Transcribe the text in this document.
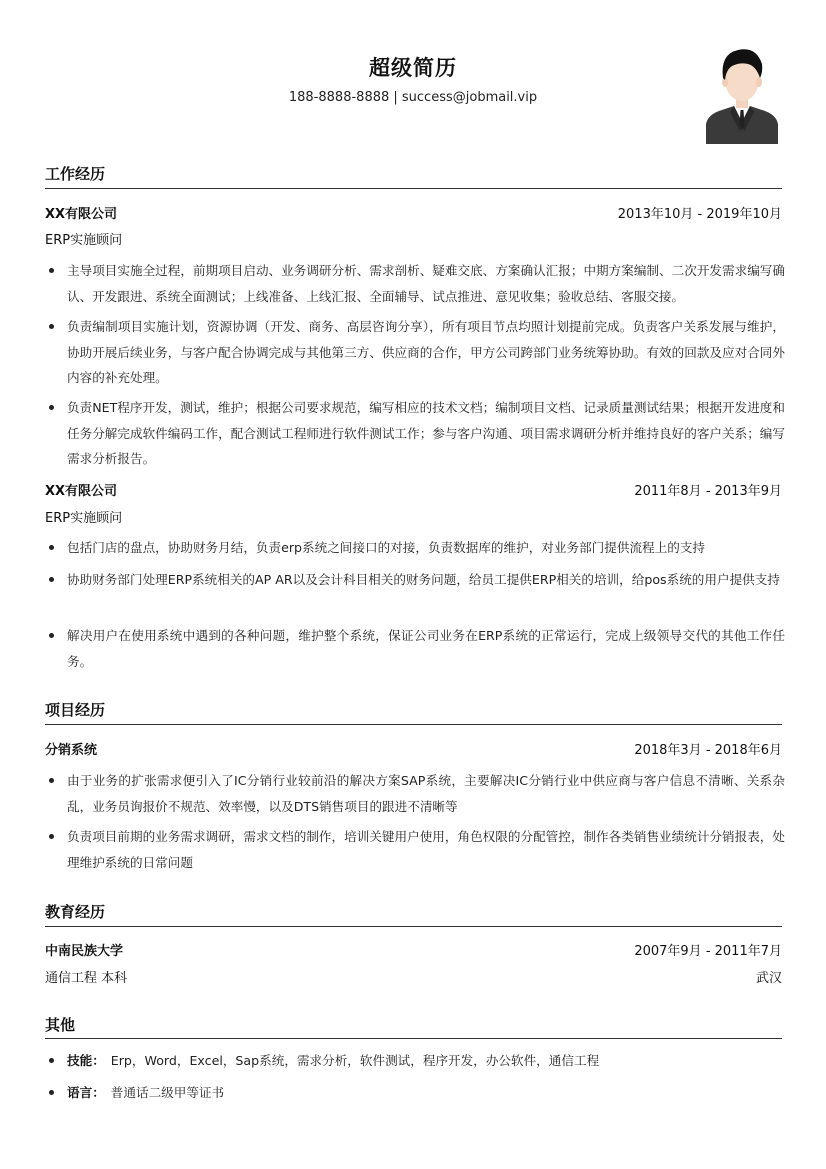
超级简历
188-8888-8888 | success@jobmail.vip
工作经历
XX有限公司	2013年10月 - 2019年10月
ERP实施顾问
主导项目实施全过程，前期项目启动、业务调研分析、需求剖析、疑难交底、方案确认汇报；中期方案编制、二次开发需求编写确认、开发跟进、系统全面测试；上线准备、上线汇报、全面辅导、试点推进、意见收集；验收总结、客服交接。
负责编制项目实施计划，资源协调（开发、商务、高层咨询分享），所有项目节点均照计划提前完成。负责客户关系发展与维护，协助开展后续业务，与客户配合协调完成与其他第三方、供应商的合作，甲方公司跨部门业务统筹协助。有效的回款及应对合同外内容的补充处理。
负责NET程序开发，测试，维护；根据公司要求规范，编写相应的技术文档；编制项目文档、记录质量测试结果；根据开发进度和任务分解完成软件编码工作，配合测试工程师进行软件测试工作；参与客户沟通、项目需求调研分析并维持良好的客户关系；编写需求分析报告。
XX有限公司	2011年8月 - 2013年9月
ERP实施顾问
包括门店的盘点，协助财务月结，负责erp系统之间接口的对接，负责数据库的维护，对业务部门提供流程上的支持
协助财务部门处理ERP系统相关的AP AR以及会计科目相关的财务问题，给员工提供ERP相关的培训，给pos系统的用户提供支持
解决用户在使用系统中遇到的各种问题，维护整个系统，保证公司业务在ERP系统的正常运行，完成上级领导交代的其他工作任务。
项目经历
分销系统	2018年3月 - 2018年6月
由于业务的扩张需求便引入了IC分销行业较前沿的解决方案SAP系统，主要解决IC分销行业中供应商与客户信息不清晰、关系杂乱，业务员询报价不规范、效率慢，以及DTS销售项目的跟进不清晰等
负责项目前期的业务需求调研，需求文档的制作，培训关键用户使用，角色权限的分配管控，制作各类销售业绩统计分销报表，处理维护系统的日常问题
教育经历
中南民族大学	2007年9月 - 2011年7月
通信工程 本科	武汉
其他
技能： Erp，Word，Excel，Sap系统，需求分析，软件测试，程序开发，办公软件，通信工程
语言： 普通话二级甲等证书
